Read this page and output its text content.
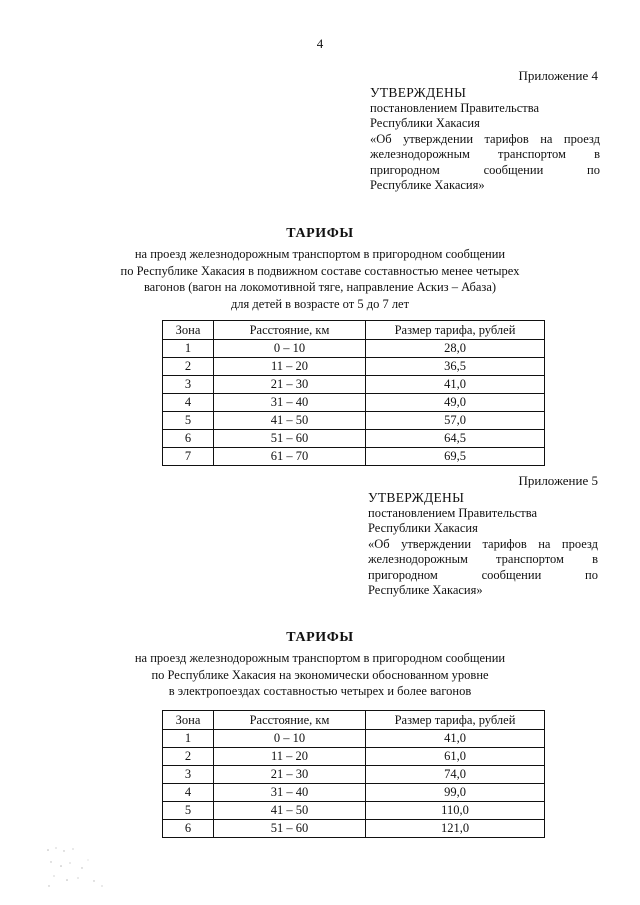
4
Приложение 4
УТВЕРЖДЕНЫ
постановлением Правительства
Республики Хакасия
«Об утверждении тарифов на проезд
железнодорожным транспортом в
пригородном сообщении по
Республике Хакасия»
ТАРИФЫ
на проезд железнодорожным транспортом в пригородном сообщении
по Республике Хакасия в подвижном составе составностью менее четырех
вагонов (вагон на локомотивной тяге, направление Аскиз – Абаза)
для детей в возрасте от 5 до 7 лет
Зона	Расстояние, км	Размер тарифа, рублей
1	0 – 10	28,0
2	11 – 20	36,5
3	21 – 30	41,0
4	31 – 40	49,0
5	41 – 50	57,0
6	51 – 60	64,5
7	61 – 70	69,5
Приложение 5
УТВЕРЖДЕНЫ
постановлением Правительства
Республики Хакасия
«Об утверждении тарифов на проезд
железнодорожным транспортом в
пригородном сообщении по
Республике Хакасия»
ТАРИФЫ
на проезд железнодорожным транспортом в пригородном сообщении
по Республике Хакасия на экономически обоснованном уровне
в электропоездах составностью четырех и более вагонов
Зона	Расстояние, км	Размер тарифа, рублей
1	0 – 10	41,0
2	11 – 20	61,0
3	21 – 30	74,0
4	31 – 40	99,0
5	41 – 50	110,0
6	51 – 60	121,0
